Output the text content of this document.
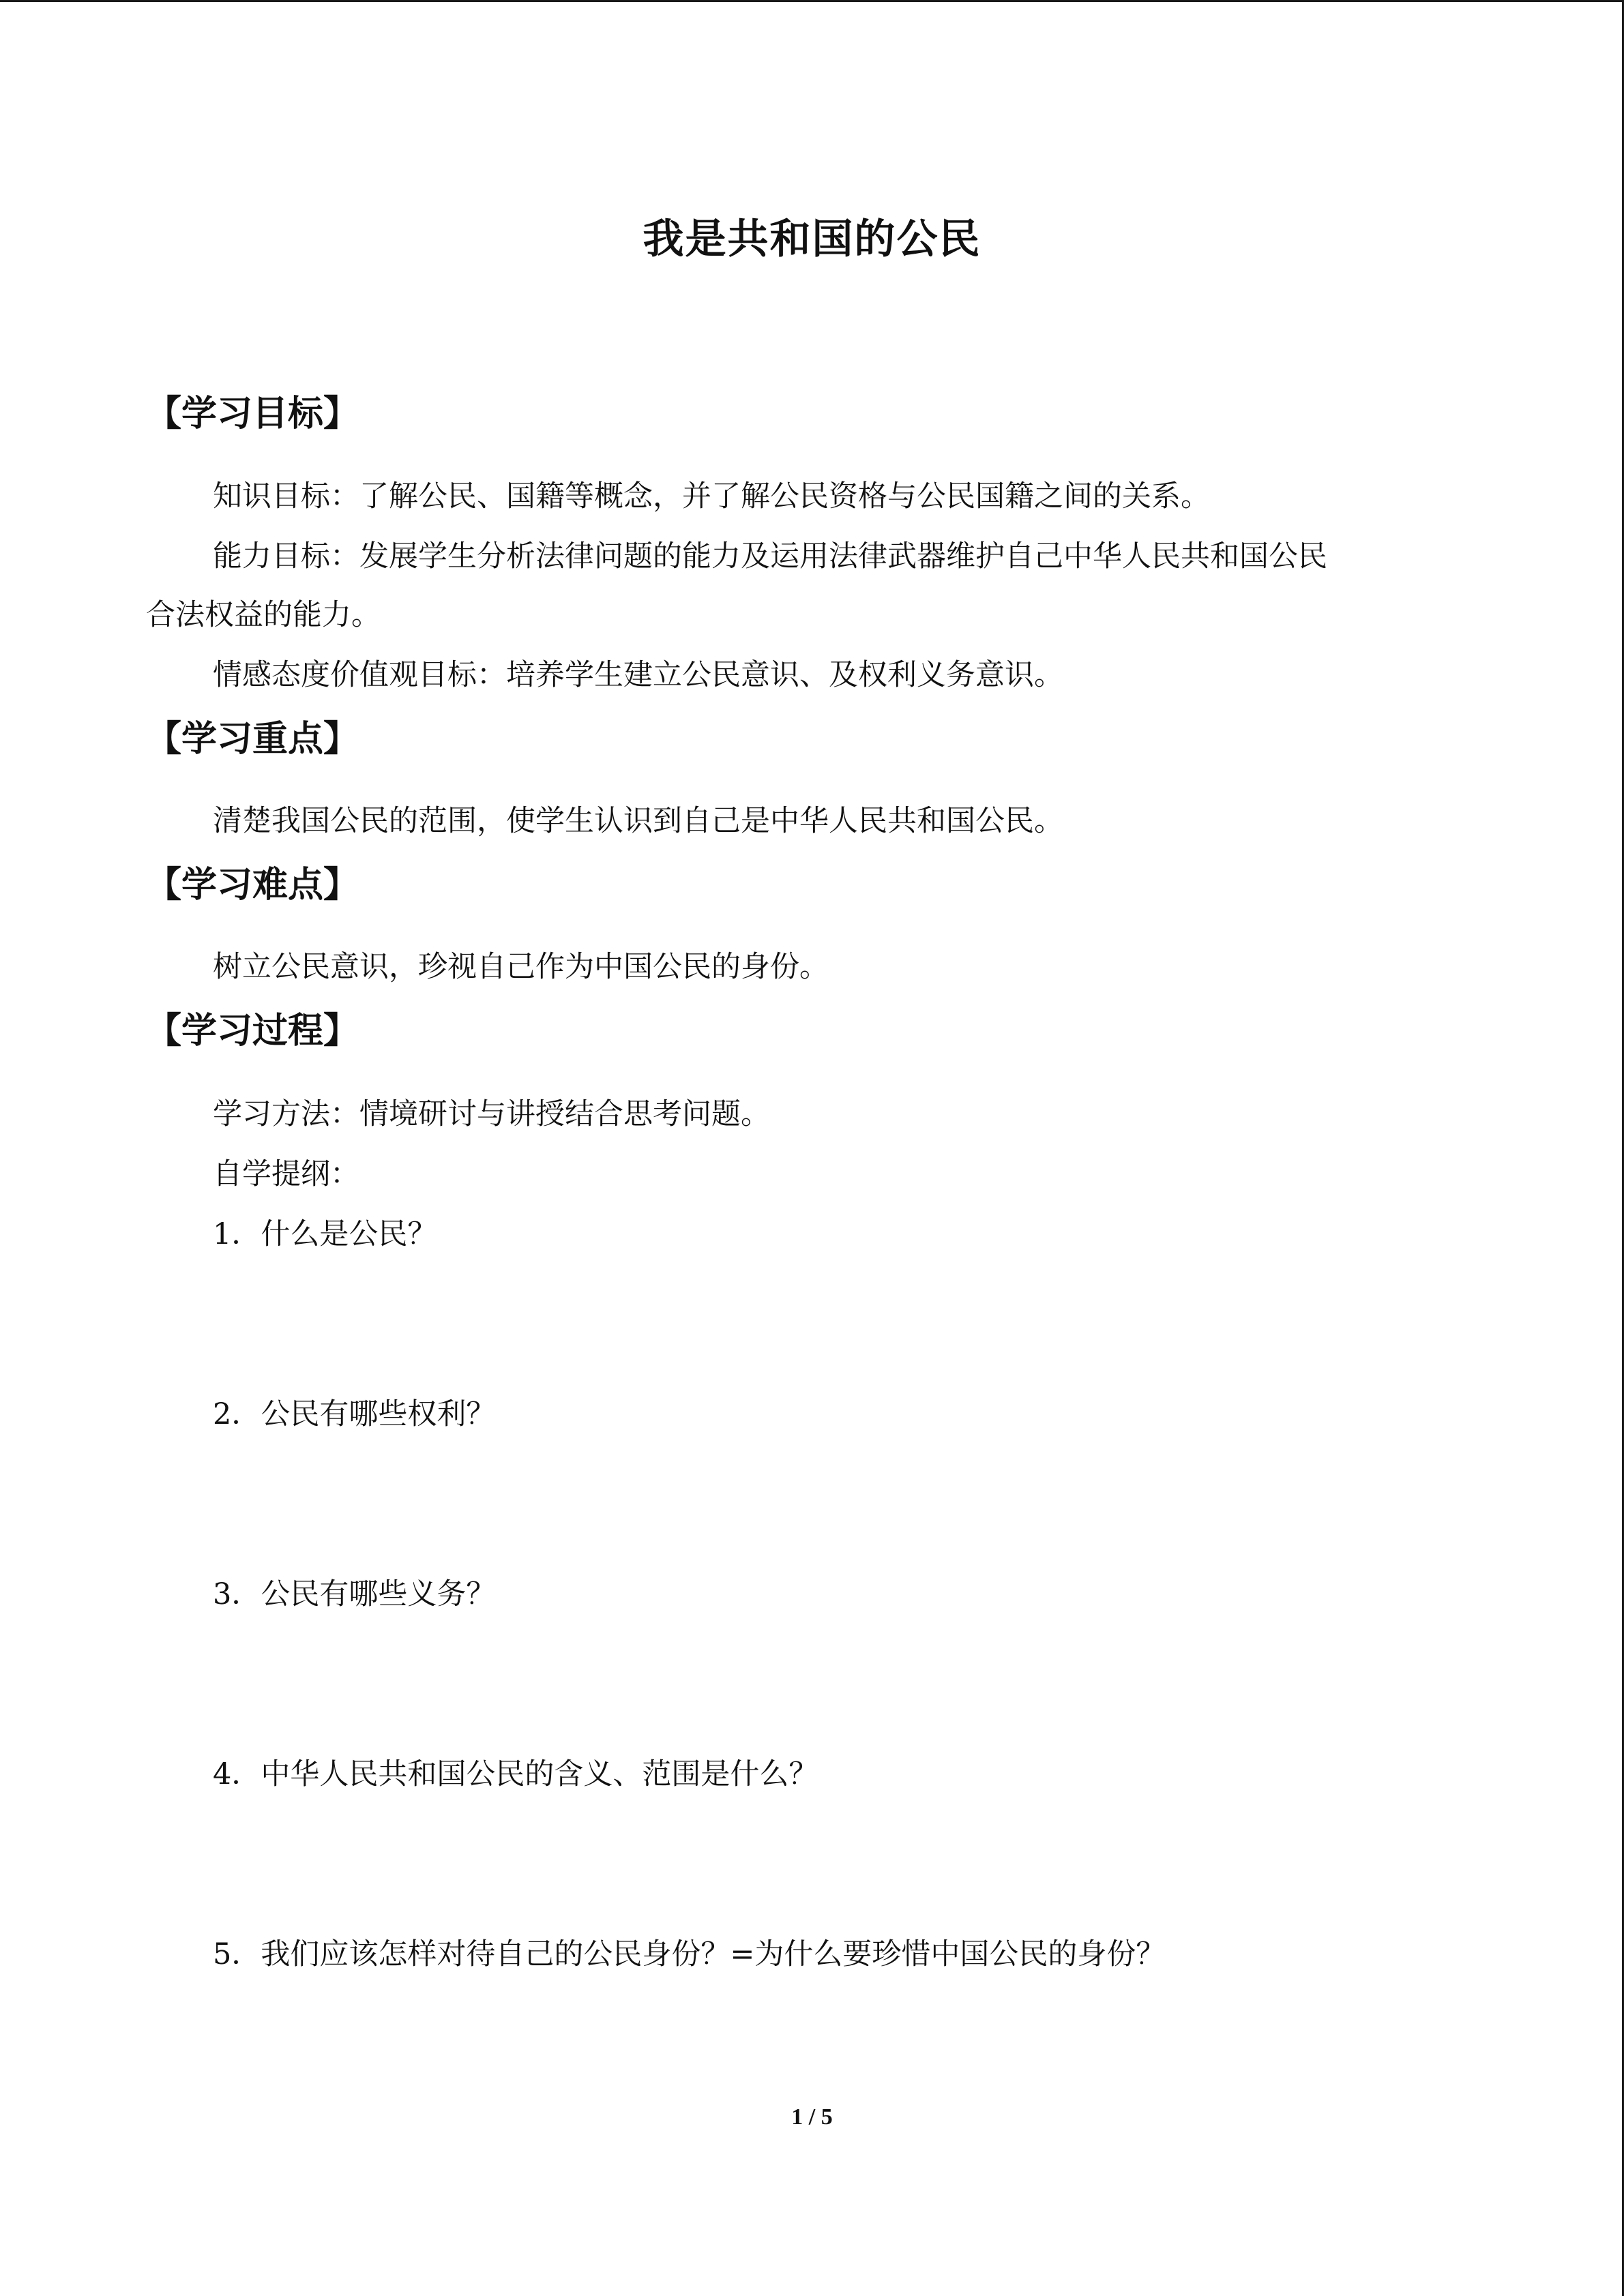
我是共和国的公民
【学习目标】
知识目标：了解公民、国籍等概念，并了解公民资格与公民国籍之间的关系。
能力目标：发展学生分析法律问题的能力及运用法律武器维护自己中华人民共和国公民
合法权益的能力。
情感态度价值观目标：培养学生建立公民意识、及权利义务意识。
【学习重点】
清楚我国公民的范围，使学生认识到自己是中华人民共和国公民。
【学习难点】
树立公民意识，珍视自己作为中国公民的身份。
【学习过程】
学习方法：情境研讨与讲授结合思考问题。
自学提纲：
1．什么是公民？
2．公民有哪些权利？
3．公民有哪些义务？
4．中华人民共和国公民的含义、范围是什么？
5．我们应该怎样对待自己的公民身份？=为什么要珍惜中国公民的身份？
1 / 5
